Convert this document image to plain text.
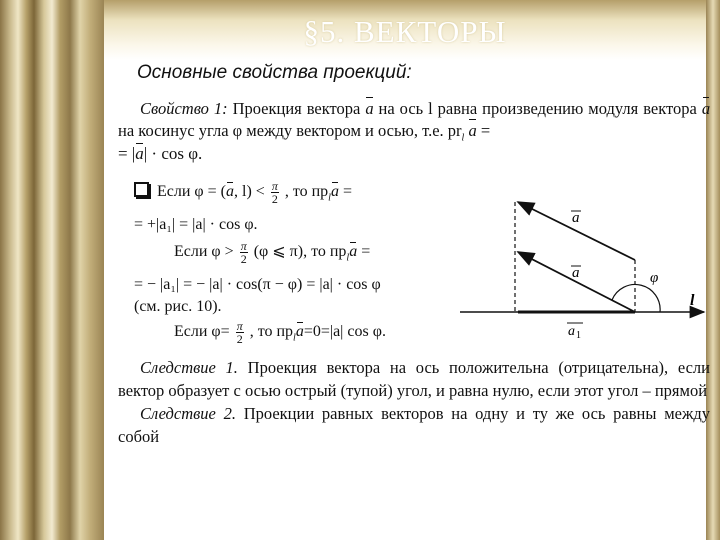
§5. ВЕКТОРЫ
Основные свойства проекций:
Свойство 1: Проекция вектора a на ось l равна произведению модуля вектора a на косинус угла φ между вектором и осью, т.е. $pr_l$ a =
= |a| · cos φ.
Если φ = (a, $l) < \frac{\pi}{2}$ , то $пр_la$ =
= +|a₁| = |a| · cos φ.
Если $\varphi > \frac{\pi}{2} (\varphi$ ⩽ π), то $пр_la$ =
= − |a₁| = − |a| · cos(π − φ) = |a| · cos φ
(см. рис. 10).
Если $\varphi= \frac{\pi}{2}$ , то $пр_la=0=|a|$ cos φ.
a
a	φ
l
a 1
Следствие 1. Проекция вектора на ось положительна (отрицательна), если вектор образует с осью острый (тупой) угол, и равна нулю, если этот угол – прямой
Следствие 2. Проекции равных векторов на одну и ту же ось равны между собой
